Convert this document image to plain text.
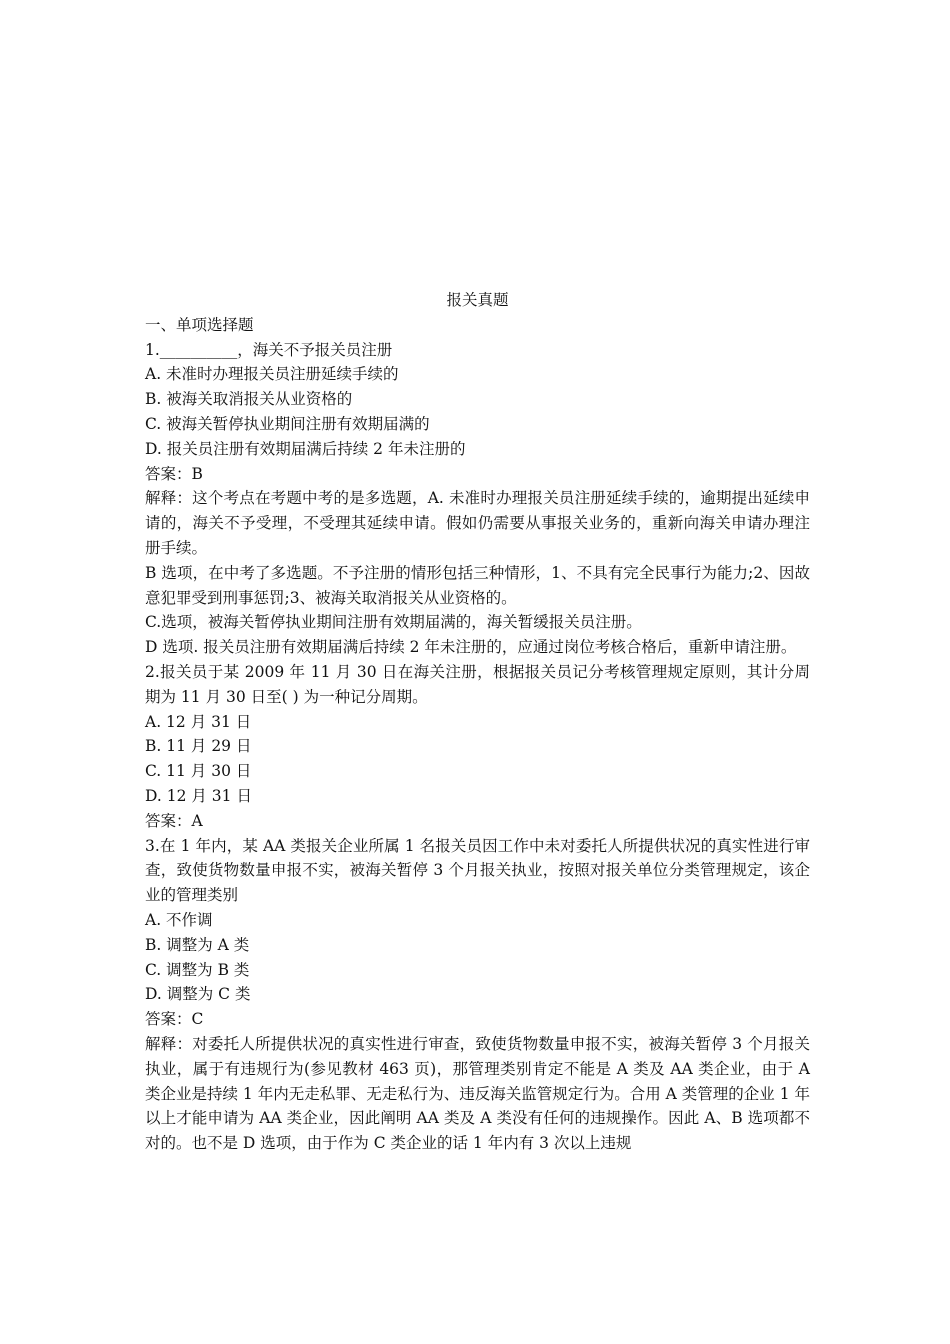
报关真题

一、单项选择题

1.__________，海关不予报关员注册

A. 未准时办理报关员注册延续手续的

B. 被海关取消报关从业资格的

C. 被海关暂停执业期间注册有效期届满的

D. 报关员注册有效期届满后持续 2 年未注册的

答案：B

解释：这个考点在考题中考的是多选题，A. 未准时办理报关员注册延续手续的，逾期提出延续申请的，海关不予受理，不受理其延续申请。假如仍需要从事报关业务的，重新向海关申请办理注册手续。

B 选项，在中考了多选题。不予注册的情形包括三种情形，1、不具有完全民事行为能力;2、因故意犯罪受到刑事惩罚;3、被海关取消报关从业资格的。

C.选项，被海关暂停执业期间注册有效期届满的，海关暂缓报关员注册。

D 选项. 报关员注册有效期届满后持续 2 年未注册的，应通过岗位考核合格后，重新申请注册。

2.报关员于某 2009 年 11 月 30 日在海关注册，根据报关员记分考核管理规定原则，其计分周期为 11 月 30 日至( ) 为一种记分周期。

A. 12 月 31 日

B. 11 月 29 日

C. 11 月 30 日

D. 12 月 31 日

答案：A

3.在 1 年内，某 AA 类报关企业所属 1 名报关员因工作中未对委托人所提供状况的真实性进行审查，致使货物数量申报不实，被海关暂停 3 个月报关执业，按照对报关单位分类管理规定，该企业的管理类别

A. 不作调

B. 调整为 A 类

C. 调整为 B 类

D. 调整为 C 类

答案：C

解释：对委托人所提供状况的真实性进行审查，致使货物数量申报不实，被海关暂停 3 个月报关执业，属于有违规行为(参见教材 463 页)，那管理类别肯定不能是 A 类及 AA 类企业，由于 A 类企业是持续 1 年内无走私罪、无走私行为、违反海关监管规定行为。合用 A 类管理的企业 1 年以上才能申请为 AA 类企业，因此阐明 AA 类及 A 类没有任何的违规操作。因此 A、B 选项都不对的。也不是 D 选项，由于作为 C 类企业的话 1 年内有 3 次以上违规
